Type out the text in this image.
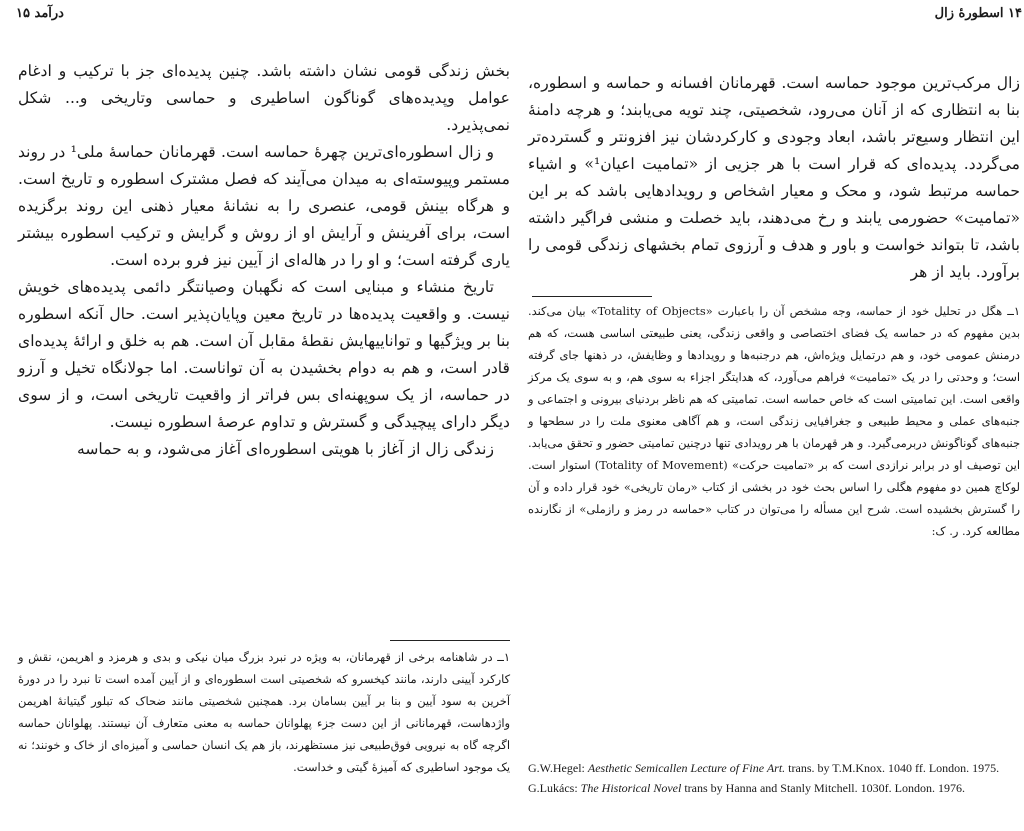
۱۴ اسطورهٔ زال

زال مرکب‌ترین موجود حماسه است. قهرمانان افسانه و حماسه و اسطوره، بنا به انتظاری که از آنان می‌رود، شخصیتی، چند تویه می‌یابند؛ و هرچه دامنهٔ این انتظار وسیع‌تر باشد، ابعاد وجودی و کارکردشان نیز افزونتر و گسترده‌تر می‌گردد. پدیده‌ای که قرار است با هر جزیی از «تمامیت اعیان¹» و اشیاء حماسه مرتبط شود، و محک و معیار اشخاص و رویدادهایی باشد که بر این «تمامیت» حضورمی یابند و رخ می‌دهند، باید خصلت و منشی فراگیر داشته باشد، تا بتواند خواست و باور و هدف و آرزوی تمام بخشهای زندگی قومی را برآورد. باید از هر

۱ــ هگل در تحلیل خود از حماسه، وجه مشخص آن را باعبارت «Totality of Objects» بیان می‌کند. بدین مفهوم که در حماسه یک فضای اختصاصی و واقعی زندگی، یعنی طبیعتی اساسی هست، که هم درمنش عمومی خود، و هم درتمایل ویژه‌اش، هم درجنبه‌ها و رویدادها و وظایفش، در ذهنها جای گرفته است؛ و وحدتی را در یک «تمامیت» فراهم می‌آورد، که هدایتگر اجزاء به سوی هم، و به سوی یک مرکز واقعی است. این تمامیتی است که خاص حماسه است. تمامیتی که هم ناظر بردنیای بیرونی و اجتماعی و جنبه‌های عملی و محیط طبیعی و جغرافیایی زندگی است، و هم آگاهی معنوی ملت را در سطحها و جنبه‌های گوناگونش دربرمی‌گیرد. و هر قهرمان با هر رویدادی تنها درچنین تمامیتی حضور و تحقق می‌یابد. این توصیف او در برابر نرازدی است که بر «تمامیت حرکت» (Totality of Movement) استوار است. لوکاچ همین دو مفهوم هگلی را اساس بحث خود در بخشی از کتاب «رمان تاریخی» خود قرار داده و آن را گسترش بخشیده است. شرح این مسأله را می‌توان در کتاب «حماسه در رمز و رازملی» از نگارنده مطالعه کرد. ر. ک:

G.W.Hegel: Aesthetic Semicallen Lecture of Fine Art. trans. by T.M.Knox. 1040 ff. London. 1975.

G.Lukács: The Historical Novel trans by Hanna and Stanly Mitchell. 1030f. London. 1976.

درآمد ۱۵

بخش زندگی قومی نشان داشته باشد. چنین پدیده‌ای جز با ترکیب و ادغام عوامل وپدیده‌های گوناگون اساطیری و حماسی وتاریخی و... شکل نمی‌پذیرد.

و زال اسطوره‌ای‌ترین چهرهٔ حماسه است. قهرمانان حماسهٔ ملی¹ در روند مستمر وپیوسته‌ای به میدان می‌آیند که فصل مشترک اسطوره و تاریخ است. و هرگاه بینش قومی، عنصری را به نشانهٔ معیار ذهنی این روند برگزیده است، برای آفرینش و آرایش او از روش و گرایش و ترکیب اسطوره بیشتر یاری گرفته است؛ و او را در هاله‌ای از آیین نیز فرو برده است.

تاریخ منشاء و مبنایی است که نگهبان وصیانتگر دائمی پدیده‌های خویش نیست. و واقعیت پدیده‌ها در تاریخ معین وپایان‌پذیر است. حال آنکه اسطوره بنا بر ویژگیها و تواناییهایش نقطهٔ مقابل آن است. هم به خلق و ارائهٔ پدیده‌ای قادر است، و هم به دوام بخشیدن به آن تواناست. اما جولانگاه تخیل و آرزو در حماسه، از یک سوپهنه‌ای بس فراتر از واقعیت تاریخی است، و از سوی دیگر دارای پیچیدگی و گسترش و تداوم عرصهٔ اسطوره نیست.

زندگی زال از آغاز با هویتی اسطوره‌ای آغاز می‌شود، و به حماسه

۱ــ در شاهنامه برخی از قهرمانان، به ویژه در نبرد بزرگ میان نیکی و بدی و هرمزد و اهریمن، نقش و کارکرد آیینی دارند، مانند کیخسرو که شخصیتی است اسطوره‌ای و از آیین آمده است تا نبرد را در دورهٔ آخرین به سود آیین و بنا بر آیین بسامان برد. همچنین شخصیتی مانند ضحاک که تبلور گیتیانهٔ اهریمن واژدهاست، قهرمانانی از این دست جزء پهلوانان حماسه به معنی متعارف آن نیستند. پهلوانان حماسه اگرچه گاه به نیرویی فوق‌طبیعی نیز مستظهرند، باز هم یک انسان حماسی و آمیزه‌ای از خاک و خونند؛ نه یک موجود اساطیری که آمیزهٔ گیتی و خداست.
